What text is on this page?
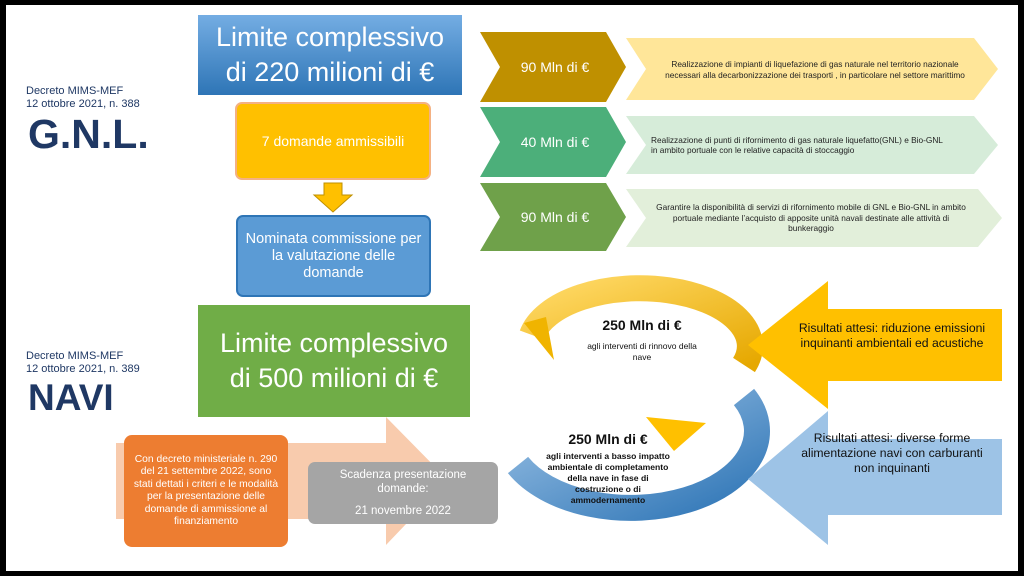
Decreto MIMS-MEF
12 ottobre 2021, n. 388
G.N.L.
Limite complessivo
di 220 milioni di €
7 domande ammissibili
Nominata commissione per la valutazione delle domande
90 Mln di €	Realizzazione di impianti di liquefazione di gas naturale nel territorio nazionale necessari alla decarbonizzazione dei trasporti , in particolare nel settore marittimo
40 Mln di €	Realizzazione di punti di rifornimento di gas naturale liquefatto(GNL) e Bio-GNL in ambito portuale con le relative capacità di stoccaggio
90 Mln di €
Garantire la disponibilità di servizi di rifornimento mobile di GNL e Bio-GNL in ambito portuale mediante l’acquisto di apposite unità navali destinate alle attività di bunkeraggio
Decreto MIMS-MEF
12 ottobre 2021, n. 389
NAVI
Limite complessivo
di 500 milioni di €
Con decreto ministeriale n. 290 del 21 settembre 2022, sono stati dettati i criteri e le modalità per la presentazione delle domande di ammissione al finanziamento
Scadenza presentazione
domande:
21 novembre 2022
250 Mln di €
agli interventi di rinnovo della nave
250 Mln di €
agli interventi a basso impatto ambientale di completamento della nave in fase di costruzione o di ammodernamento
Risultati attesi: riduzione emissioni inquinanti ambientali ed acustiche
Risultati attesi: diverse forme alimentazione navi con carburanti non inquinanti
